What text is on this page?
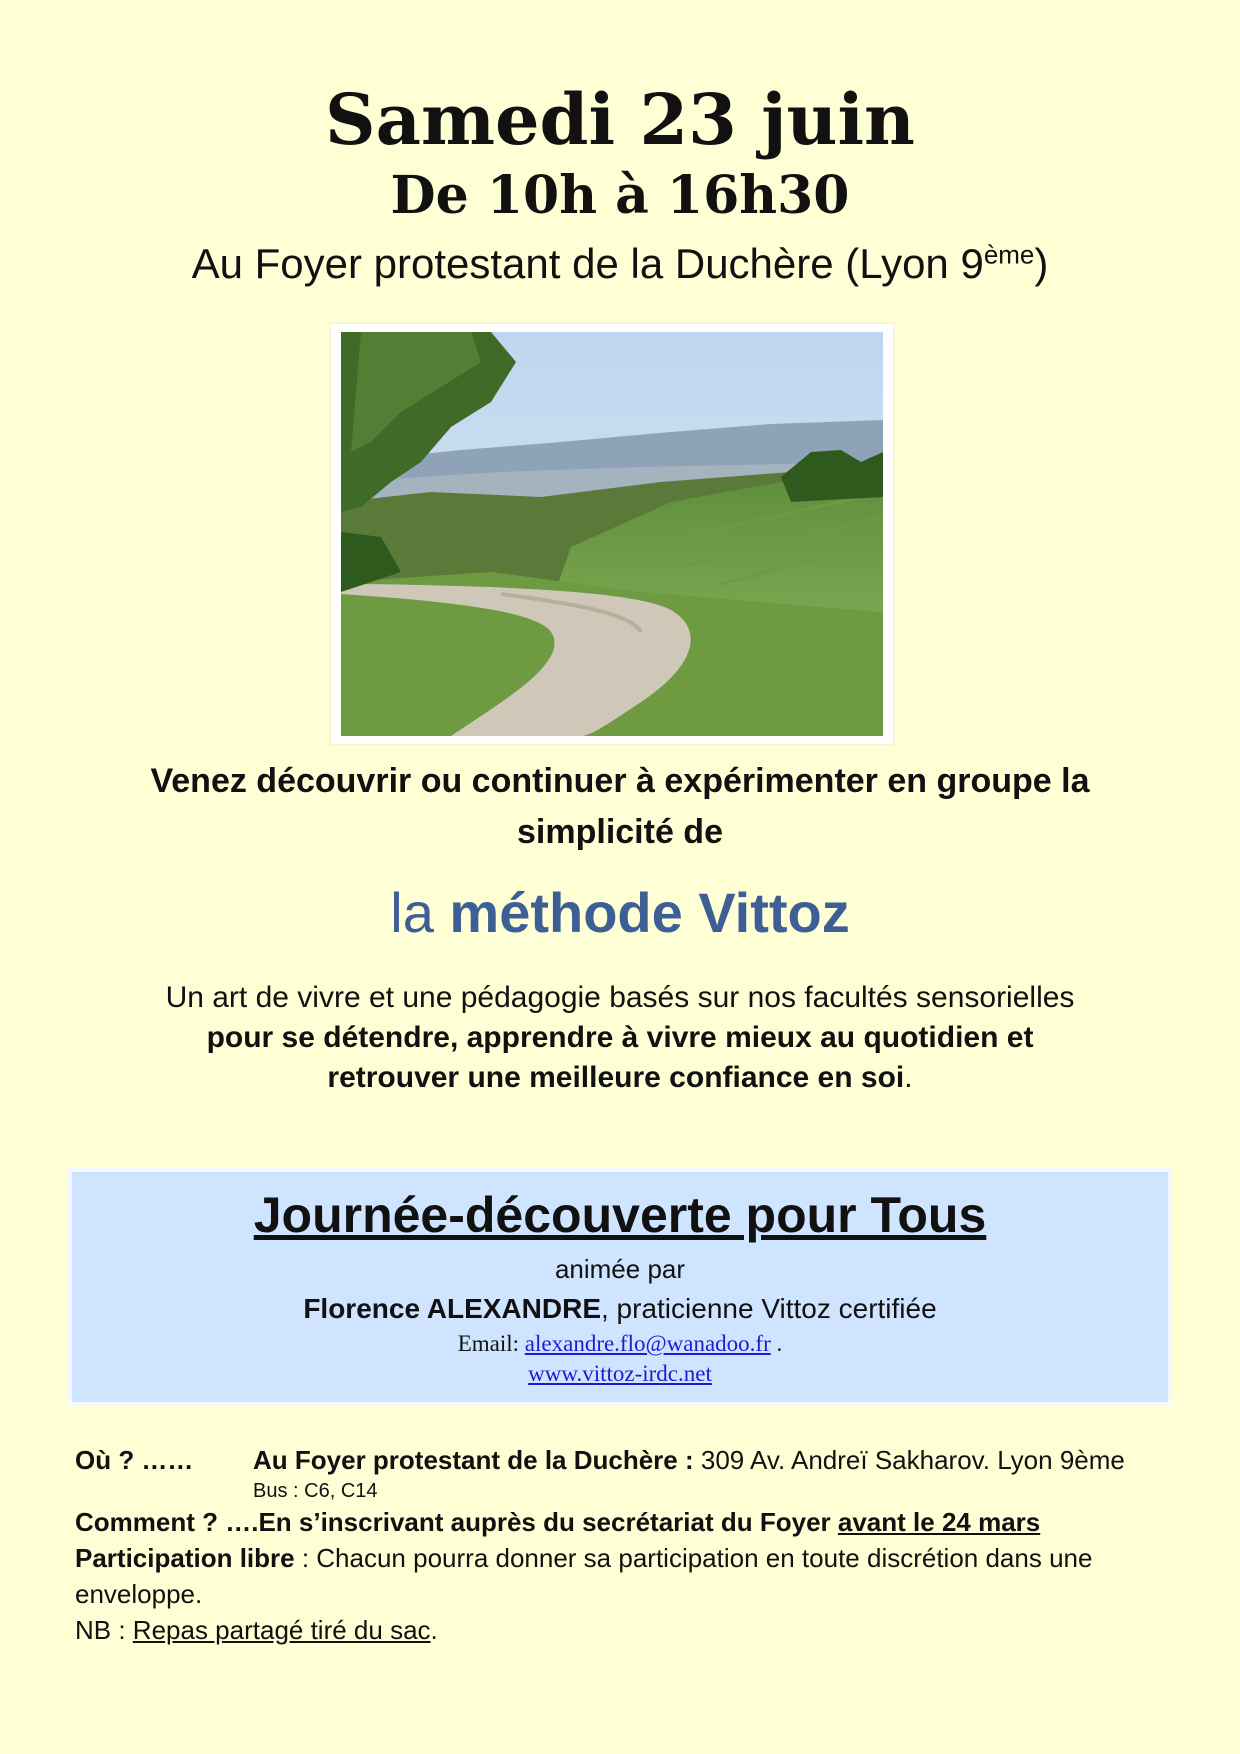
Samedi 23 juin
De 10h à 16h30
Au Foyer protestant de la Duchère (Lyon 9ème)
Venez découvrir ou continuer à expérimenter en groupe la simplicité de
la méthode Vittoz
Un art de vivre et une pédagogie basés sur nos facultés sensorielles pour se détendre, apprendre à vivre mieux au quotidien et retrouver une meilleure confiance en soi.
Journée-découverte pour Tous
animée par
Florence ALEXANDRE, praticienne Vittoz certifiée
Email: alexandre.flo@wanadoo.fr .
www.vittoz-irdc.net
Où ? …… Au Foyer protestant de la Duchère : 309 Av. Andreï Sakharov. Lyon 9ème
Bus : C6, C14
Comment ? ….En s’inscrivant auprès du secrétariat du Foyer avant le 24 mars
Participation libre : Chacun pourra donner sa participation en toute discrétion dans une enveloppe.
NB : Repas partagé tiré du sac.
